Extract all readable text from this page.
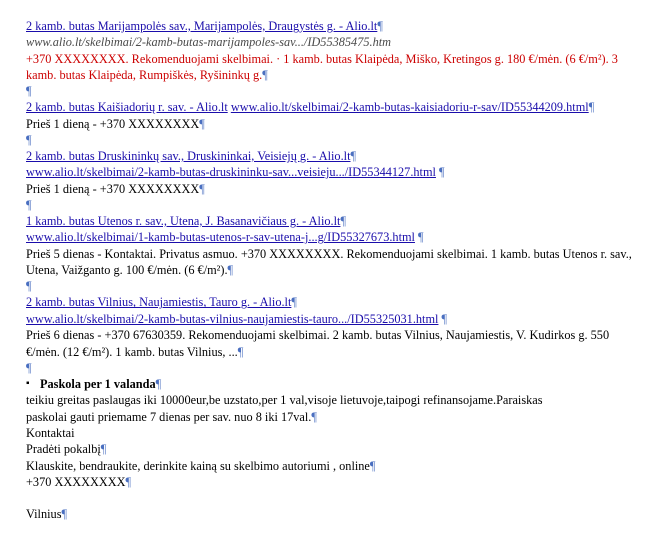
2 kamb. butas Marijampolės sav., Marijampolės, Draugystės g. - Alio.lt¶
www.alio.lt/skelbimai/2-kamb-butas-marijampoles-sav.../ID55385475.htm
+370 XXXXXXXX. Rekomenduojami skelbimai. · 1 kamb. butas Klaipėda, Miško, Kretingos g. 180 €/mėn. (6 €/m²). 3 kamb. butas Klaipėda, Rumpiškės, Ryšininkų g.¶
¶
2 kamb. butas Kaišiadorių r. sav. - Alio.lt www.alio.lt/skelbimai/2-kamb-butas-kaisiadoriu-r-sav/ID55344209.html¶
Prieš 1 dieną - +370 XXXXXXXX¶
¶
2 kamb. butas Druskininkų sav., Druskininkai, Veisiejų g. - Alio.lt¶
www.alio.lt/skelbimai/2-kamb-butas-druskininku-sav...veisieju.../ID55344127.html ¶
Prieš 1 dieną - +370 XXXXXXXX¶
¶
1 kamb. butas Utenos r. sav., Utena, J. Basanavičiaus g. - Alio.lt¶
www.alio.lt/skelbimai/1-kamb-butas-utenos-r-sav-utena-j...g/ID55327673.html ¶
Prieš 5 dienas - Kontaktai. Privatus asmuo. +370 XXXXXXXX. Rekomenduojami skelbimai. 1 kamb. butas Utenos r. sav., Utena, Vaižganto g. 100 €/mėn. (6 €/m²).¶
¶
2 kamb. butas Vilnius, Naujamiestis, Tauro g. - Alio.lt¶
www.alio.lt/skelbimai/2-kamb-butas-vilnius-naujamiestis-tauro.../ID55325031.html ¶
Prieš 6 dienas - +370 67630359. Rekomenduojami skelbimai. 2 kamb. butas Vilnius, Naujamiestis, V. Kudirkos g. 550 €/mėn. (12 €/m²). 1 kamb. butas Vilnius, ...¶
¶
▪ Paskola per 1 valanda¶
teikiu greitas paslaugas iki 10000eur,be uzstato,per 1 val,visoje lietuvoje,taipogi refinansojame.Paraiskas
paskolai gauti priemame 7 dienas per sav. nuo 8 iki 17val.¶
Kontaktai
Pradėti pokalbį¶
Klauskite, bendraukite, derinkite kainą su skelbimo autoriumi , online¶
+370 XXXXXXXX¶
Vilnius¶
